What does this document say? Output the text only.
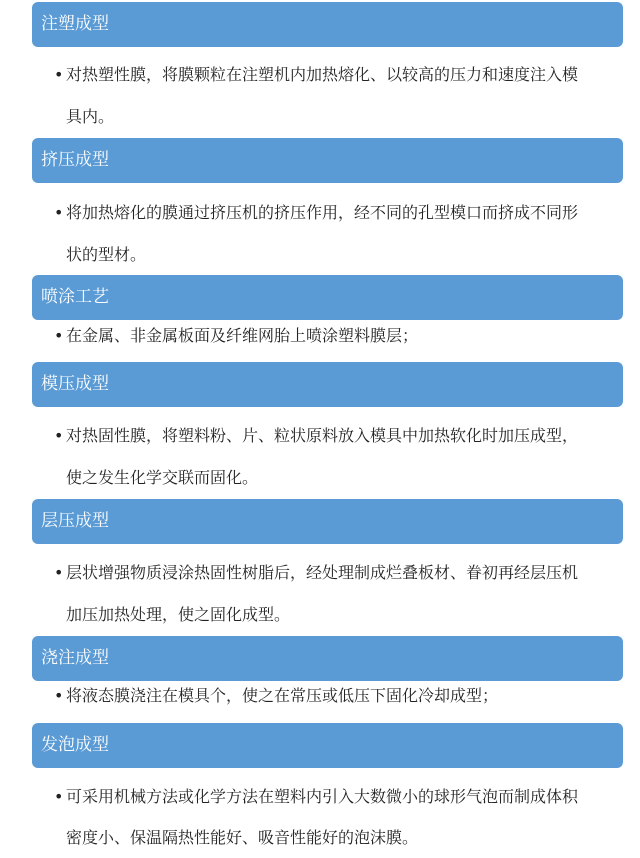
注塑成型
• 对热塑性膜，将膜颗粒在注塑机内加热熔化、以较高的压力和速度注入模
具内。
挤压成型
• 将加热熔化的膜通过挤压机的挤压作用，经不同的孔型模口而挤成不同形
状的型材。
喷涂工艺
• 在金属、非金属板面及纤维网胎上喷涂塑料膜层；
模压成型
• 对热固性膜，将塑料粉、片、粒状原料放入模具中加热软化时加压成型，
使之发生化学交联而固化。
层压成型
• 层状增强物质浸涂热固性树脂后，经处理制成烂叠板材、眷初再经层压机
加压加热处理，使之固化成型。
浇注成型
• 将液态膜浇注在模具个，使之在常压或低压下固化冷却成型；
发泡成型
• 可采用机械方法或化学方法在塑料内引入大数微小的球形气泡而制成体积
密度小、保温隔热性能好、吸音性能好的泡沫膜。
